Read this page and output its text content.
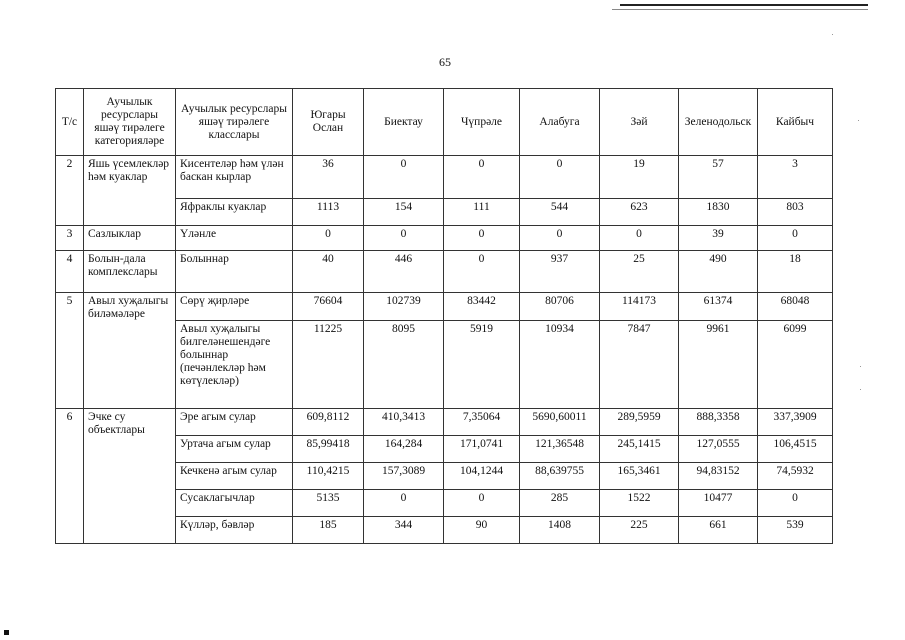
65
Т/с	Аучылык ресурслары яшәү тирәлеге категорияләре	Аучылык ресурслары яшәү тирәлеге класслары	Югары Ослан	Биектау	Чүпрәле	Алабуга	Зәй	Зеленодольск	Кайбыч
2	Яшь үсемлекләр һәм куаклар	Кисентеләр һәм үлән баскан кырлар	36	0	0	0	19	57	3
		Яфраклы куаклар	1113	154	111	544	623	1830	803
3	Сазлыклар	Үләнле	0	0	0	0	0	39	0
4	Болын-дала комплекслары	Болыннар	40	446	0	937	25	490	18
5	Авыл хуҗалыгы биләмәләре	Сөрү җирләре	76604	102739	83442	80706	114173	61374	68048
		Авыл хуҗалыгы билгеләнешендәге болыннар (печәнлекләр һәм көтүлекләр)	11225	8095	5919	10934	7847	9961	6099
6	Эчке су объектлары	Эре агым сулар	609,8112	410,3413	7,35064	5690,60011	289,5959	888,3358	337,3909
		Уртача агым сулар	85,99418	164,284	171,0741	121,36548	245,1415	127,0555	106,4515
		Кечкенә агым сулар	110,4215	157,3089	104,1244	88,639755	165,3461	94,83152	74,5932
		Сусаклагычлар	5135	0	0	285	1522	10477	0
		Күлләр, бәвләр	185	344	90	1408	225	661	539
